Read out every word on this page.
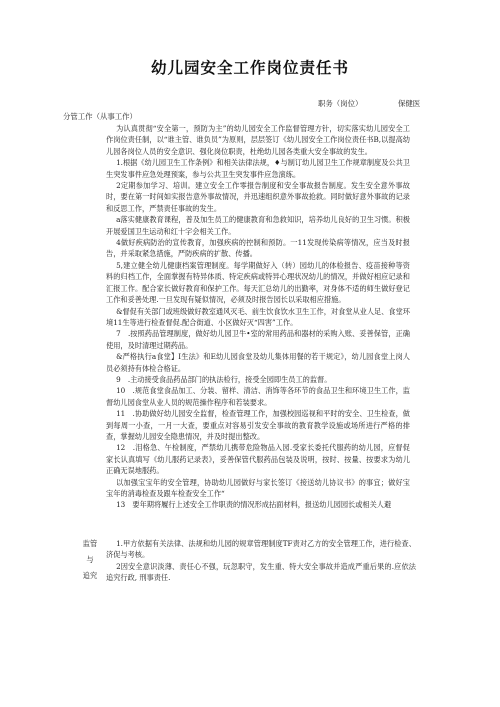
幼儿园安全工作岗位责任书
职务（岗位）	保健医
分管工作（从事工作）

为认真贯彻“安全第一，预防为主”的幼儿园安全工作监督管理方针，切实落实幼儿园安全工作岗位责任制，以“谁主管、谁负员”为原则，层层签订《幼儿园安全工作岗位责任书B,以提高幼儿园各岗位人员的安全意识、强化岗位职责，杜绝幼儿园各类重大安全事故的发生。

1.根据《幼儿园卫生工作条例》和相关法律法规，♦与制订幼儿园卫生工作规章制度及公共卫生突发事件应急处理预案，参与公共卫生突发事件应急演练。

2定期参加学习、培训。建立安全工作零报告制度和安全事故报告制度。发生安全意外事故时，要在第一时间如实报告意外事故情况，并迅速组织意外事故抢救。同时做好意外事故的记录和反思工作，严禁责任事故的发生。

a落实健康教育课程，普及加生员工的健康教育和急救知识，培养幼儿良好的卫生习惯。积极开展爱国卫生运动和红十字会相关工作。

4做好疾病防治的宣传教育，加强疾病的控制和预防。一11发现传染病等情况，应当及时报告，并采取紧急措施，严防疾病的扩散、传播。

5,建立健全幼儿健康档案管理制度。每学期做好入（转）园幼儿的体检报告、疫苗接种等资料的归档工作，全面掌握有特异体质、特定疾病或特异心理状况幼儿的情况，并做好相应记录和汇报工作。配合家长做好教育和保护工作。每天汇总幼儿的出勤率，对身体不适的师生做好登记工作和妥善处理.一旦发现有疑似情况，必须及时报告园长以采取相应措施。

&督促有关部门或班级做好教室通风灭毛、前生饮食饮水卫生工作，对食堂从业人足、食堂环境11生等进行检查督促.配合街道、小区做好灭“四害”工作。

7　.按照药品管理制度，做好幼儿园卫牛•室的常用药品和器材的采购入账、妥善保管，正确使用，及时清理过期药品。

&严格执行a食堂】I生法》和E幼儿园食堂及幼儿集体用餐的若干规定》，幼儿园食堂上岗人员必须持有体检合格证。

9　.主动接受食品药品部门的执法检行，接受全园即生员工的监督。

10　.规范食堂食品加工、分装、留样、清洁、消饰等各环节的食品卫生和环境卫生工作，监督幼儿园食堂从业人员的规范操作程序和若装要求。

11　.协助做好幼儿园安全监督，检查管理工作，加强校园巡视和平时的安全、卫生检查，做到每周一小查，一月一大查，要重点对容易引发安全事故的教育教学设施或场所进行严格的排查，掌握幼儿园安全隐患情况，并及时提出整改。

12　.泪格急、午检制度，严禁幼儿携带危险物品入园.受家长委托代服药的幼儿园，应督促家长认真填写《幼儿服药记录表》，妥善保管代服药品包装及说明，按时、按量、按要求为幼儿正确无误地服药。

以加强宝宝年的安全管理，协助幼儿园做好与家长签订《接送幼儿协议书》的事宜；做好宝宝年的消毒检查及跟车检查安全工作“

13　要年期将履行上述安全工作职责的情况形成拈面材料，报送幼儿园园长或相关人避

监管
与
追究

1.甲方依据有关法律、法规和幼儿园的规章管理制度TF责对乙方的安全管理工作，进行检查、济促与考核。

2因安全意识淡薄、责任心不强，玩忽职守，发生重、特大安全事故并造成严重后果的.应依法追究行政, 刑事责任.
